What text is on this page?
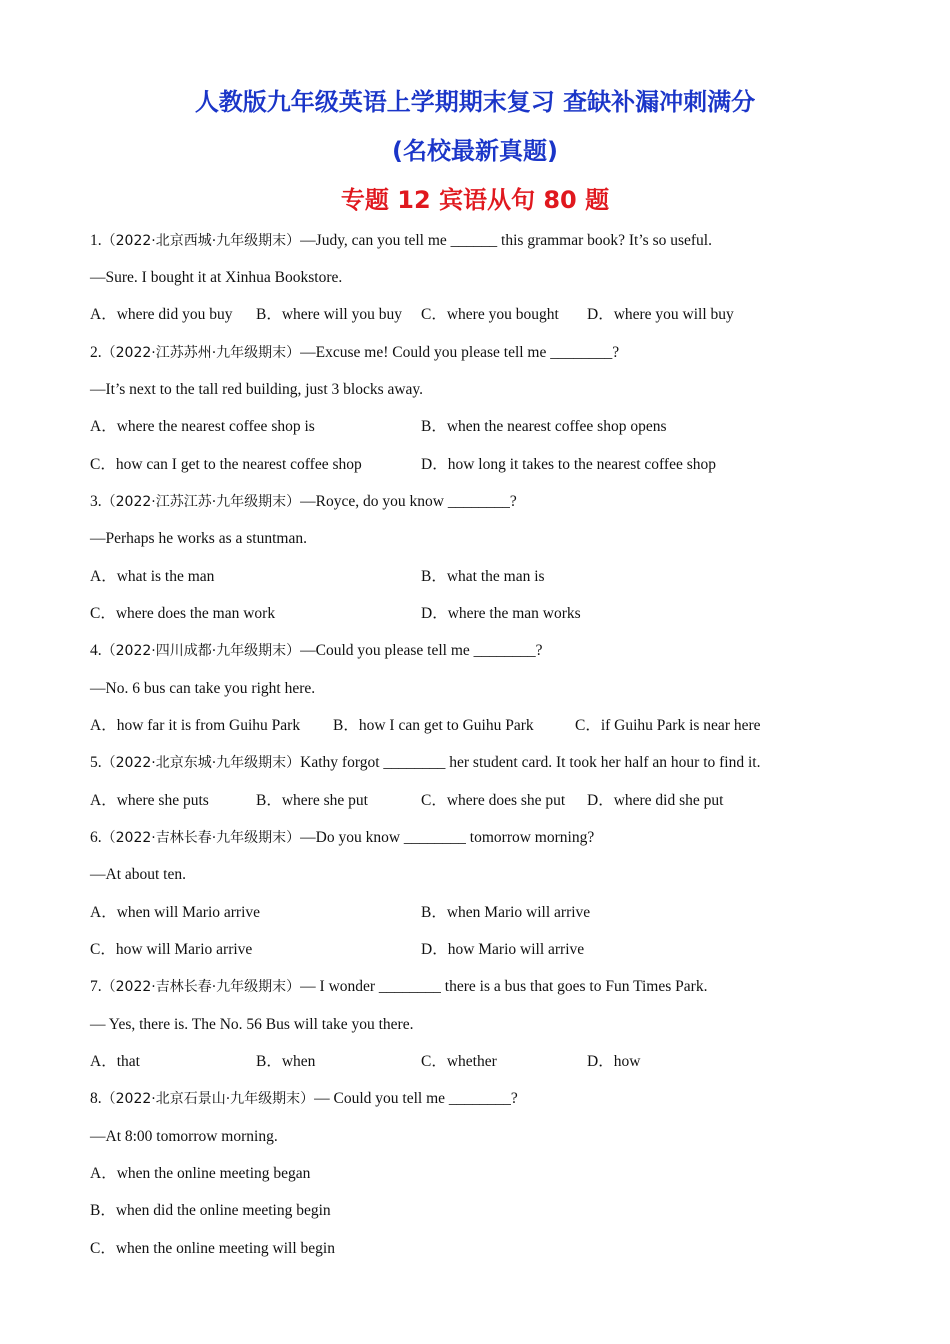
人教版九年级英语上学期期末复习 查缺补漏冲刺满分
(名校最新真题)
专题 12 宾语从句 80 题
1.（2022·北京西城·九年级期末）—Judy, can you tell me ______ this grammar book? It’s so useful.
—Sure. I bought it at Xinhua Bookstore.
A．where did you buy B．where will you buy C．where you bought D．where you will buy
2.（2022·江苏苏州·九年级期末）—Excuse me! Could you please tell me ________?
—It’s next to the tall red building, just 3 blocks away.
A．where the nearest coffee shop is	B．when the nearest coffee shop opens
C．how can I get to the nearest coffee shop	D．how long it takes to the nearest coffee shop
3.（2022·江苏江苏·九年级期末）—Royce, do you know ________?
—Perhaps he works as a stuntman.
A．what is the man	B．what the man is
C．where does the man work	D．where the man works
4.（2022·四川成都·九年级期末）—Could you please tell me ________?
—No. 6 bus can take you right here.
A．how far it is from Guihu Park B．how I can get to Guihu Park	C．if Guihu Park is near here
5.（2022·北京东城·九年级期末）Kathy forgot ________ her student card. It took her half an hour to find it.
A．where she puts	B．where she put	C．where does she put D．where did she put
6.（2022·吉林长春·九年级期末）—Do you know ________ tomorrow morning?
—At about ten.
A．when will Mario arrive	B．when Mario will arrive
C．how will Mario arrive	D．how Mario will arrive
7.（2022·吉林长春·九年级期末）— I wonder ________ there is a bus that goes to Fun Times Park.
— Yes, there is. The No. 56 Bus will take you there.
A．that	B．when	C．whether	D．how
8.（2022·北京石景山·九年级期末）— Could you tell me ________?
—At 8:00 tomorrow morning.
A．when the online meeting began
B．when did the online meeting begin
C．when the online meeting will begin
